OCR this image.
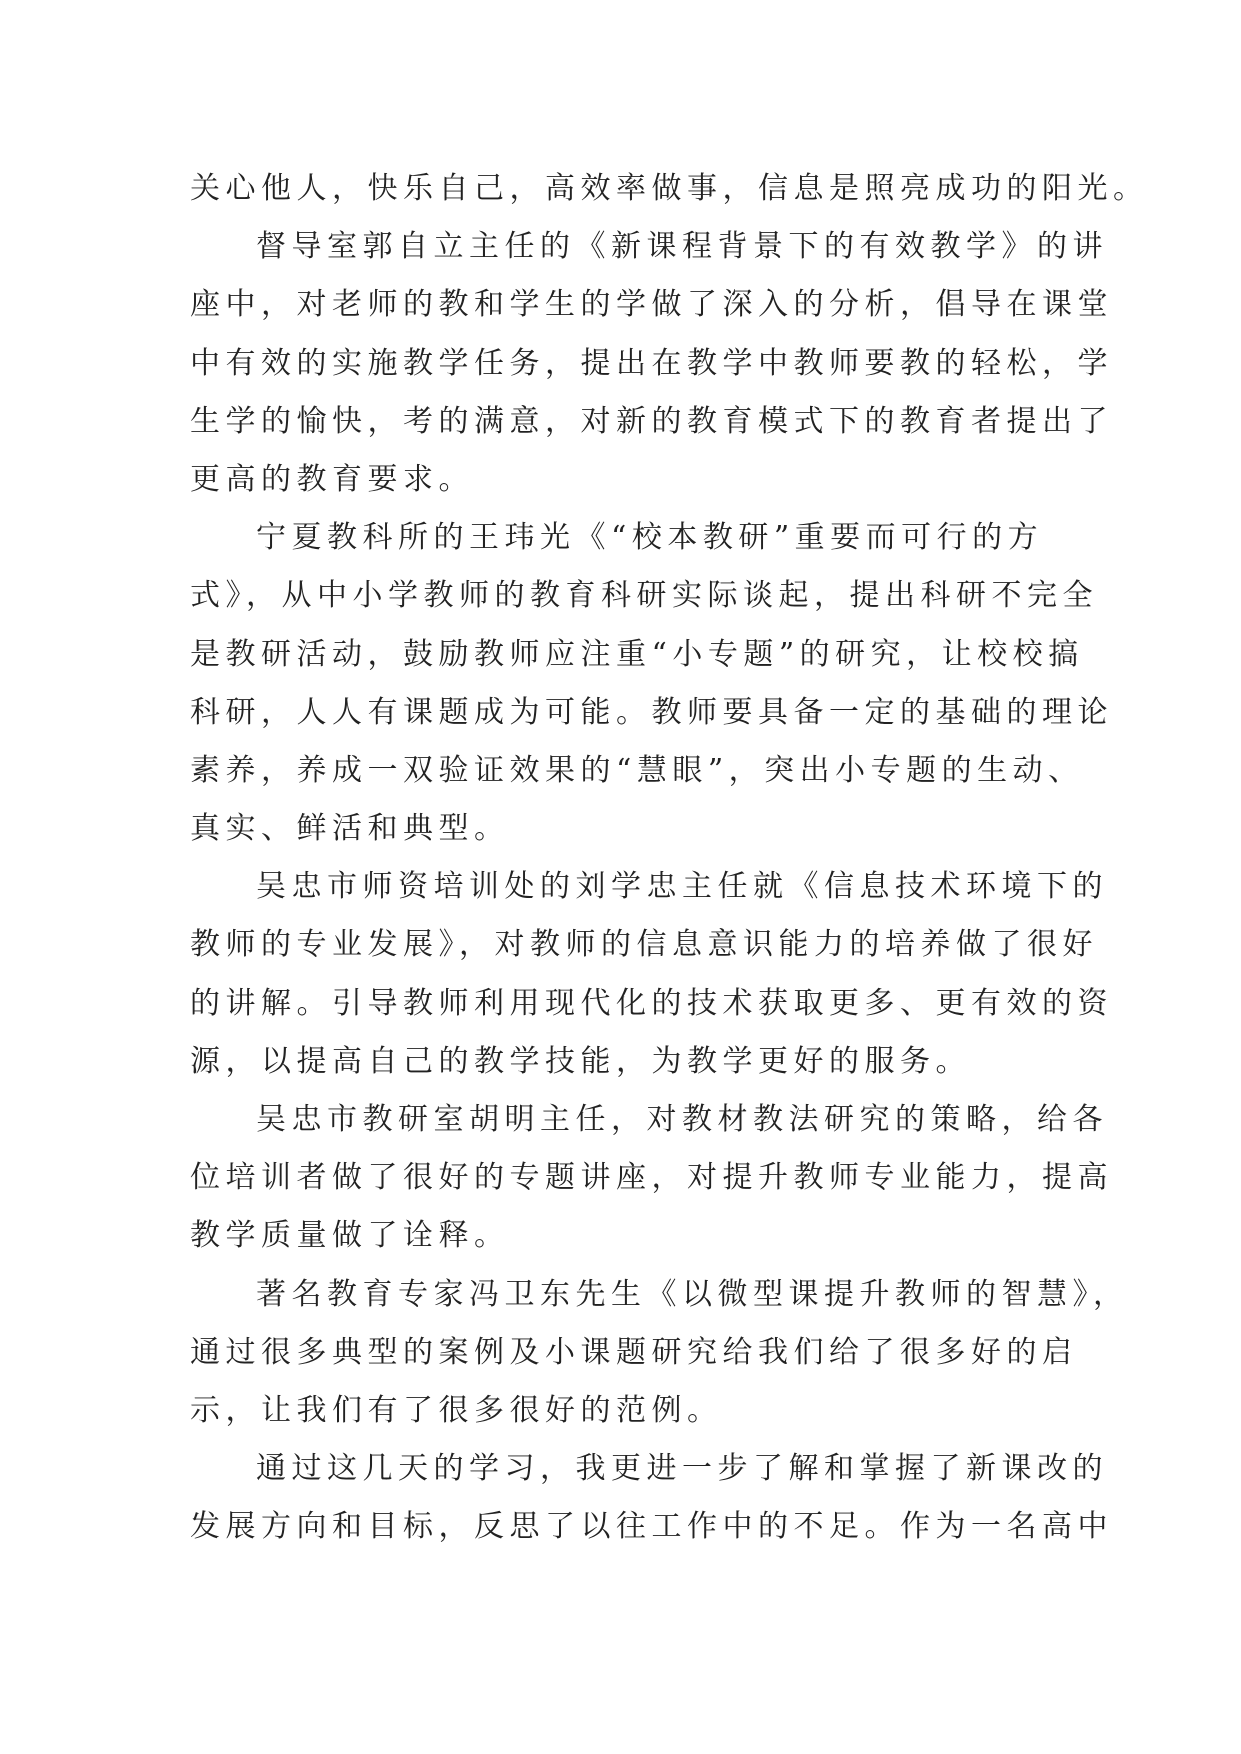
关心他人，快乐自己，高效率做事，信息是照亮成功的阳光。
督导室郭自立主任的《新课程背景下的有效教学》的讲
座中，对老师的教和学生的学做了深入的分析，倡导在课堂
中有效的实施教学任务，提出在教学中教师要教的轻松，学
生学的愉快，考的满意，对新的教育模式下的教育者提出了
更高的教育要求。
宁夏教科所的王玮光《“校本教研”重要而可行的方
式》，从中小学教师的教育科研实际谈起，提出科研不完全
是教研活动，鼓励教师应注重“小专题”的研究，让校校搞
科研，人人有课题成为可能。教师要具备一定的基础的理论
素养，养成一双验证效果的“慧眼”，突出小专题的生动、
真实、鲜活和典型。
吴忠市师资培训处的刘学忠主任就《信息技术环境下的
教师的专业发展》，对教师的信息意识能力的培养做了很好
的讲解。引导教师利用现代化的技术获取更多、更有效的资
源，以提高自己的教学技能，为教学更好的服务。
吴忠市教研室胡明主任，对教材教法研究的策略，给各
位培训者做了很好的专题讲座，对提升教师专业能力，提高
教学质量做了诠释。
著名教育专家冯卫东先生《以微型课提升教师的智慧》，
通过很多典型的案例及小课题研究给我们给了很多好的启
示，让我们有了很多很好的范例。
通过这几天的学习，我更进一步了解和掌握了新课改的
发展方向和目标，反思了以往工作中的不足。作为一名高中
